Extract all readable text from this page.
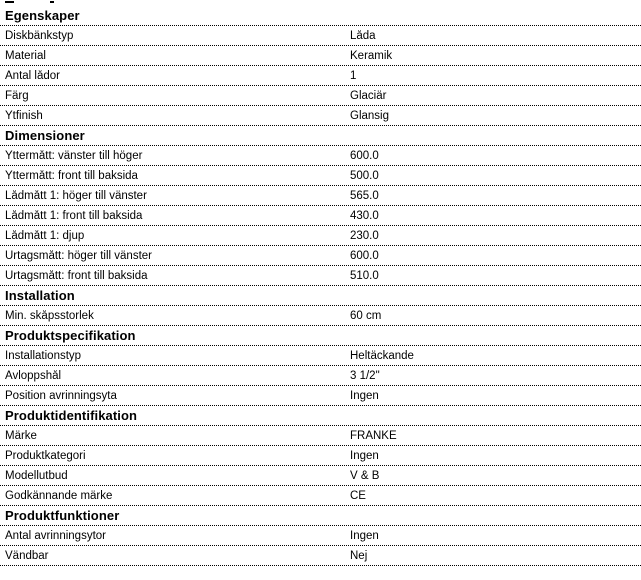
Egenskaper
Diskbänkstyp	Låda
Material	Keramik
Antal lådor	1
Färg	Glaciär
Ytfinish	Glansig
Dimensioner
Yttermått: vänster till höger	600.0
Yttermått: front till baksida	500.0
Lådmått 1: höger till vänster	565.0
Lådmått 1: front till baksida	430.0
Lådmått 1: djup	230.0
Urtagsmått: höger till vänster	600.0
Urtagsmått: front till baksida	510.0
Installation
Min. skåpsstorlek	60 cm
Produktspecifikation
Installationstyp	Heltäckande
Avloppshål	3 1/2"
Position avrinningsyta	Ingen
Produktidentifikation
Märke	FRANKE
Produktkategori	Ingen
Modellutbud	V & B
Godkännande märke	CE
Produktfunktioner
Antal avrinningsytor	Ingen
Vändbar	Nej
